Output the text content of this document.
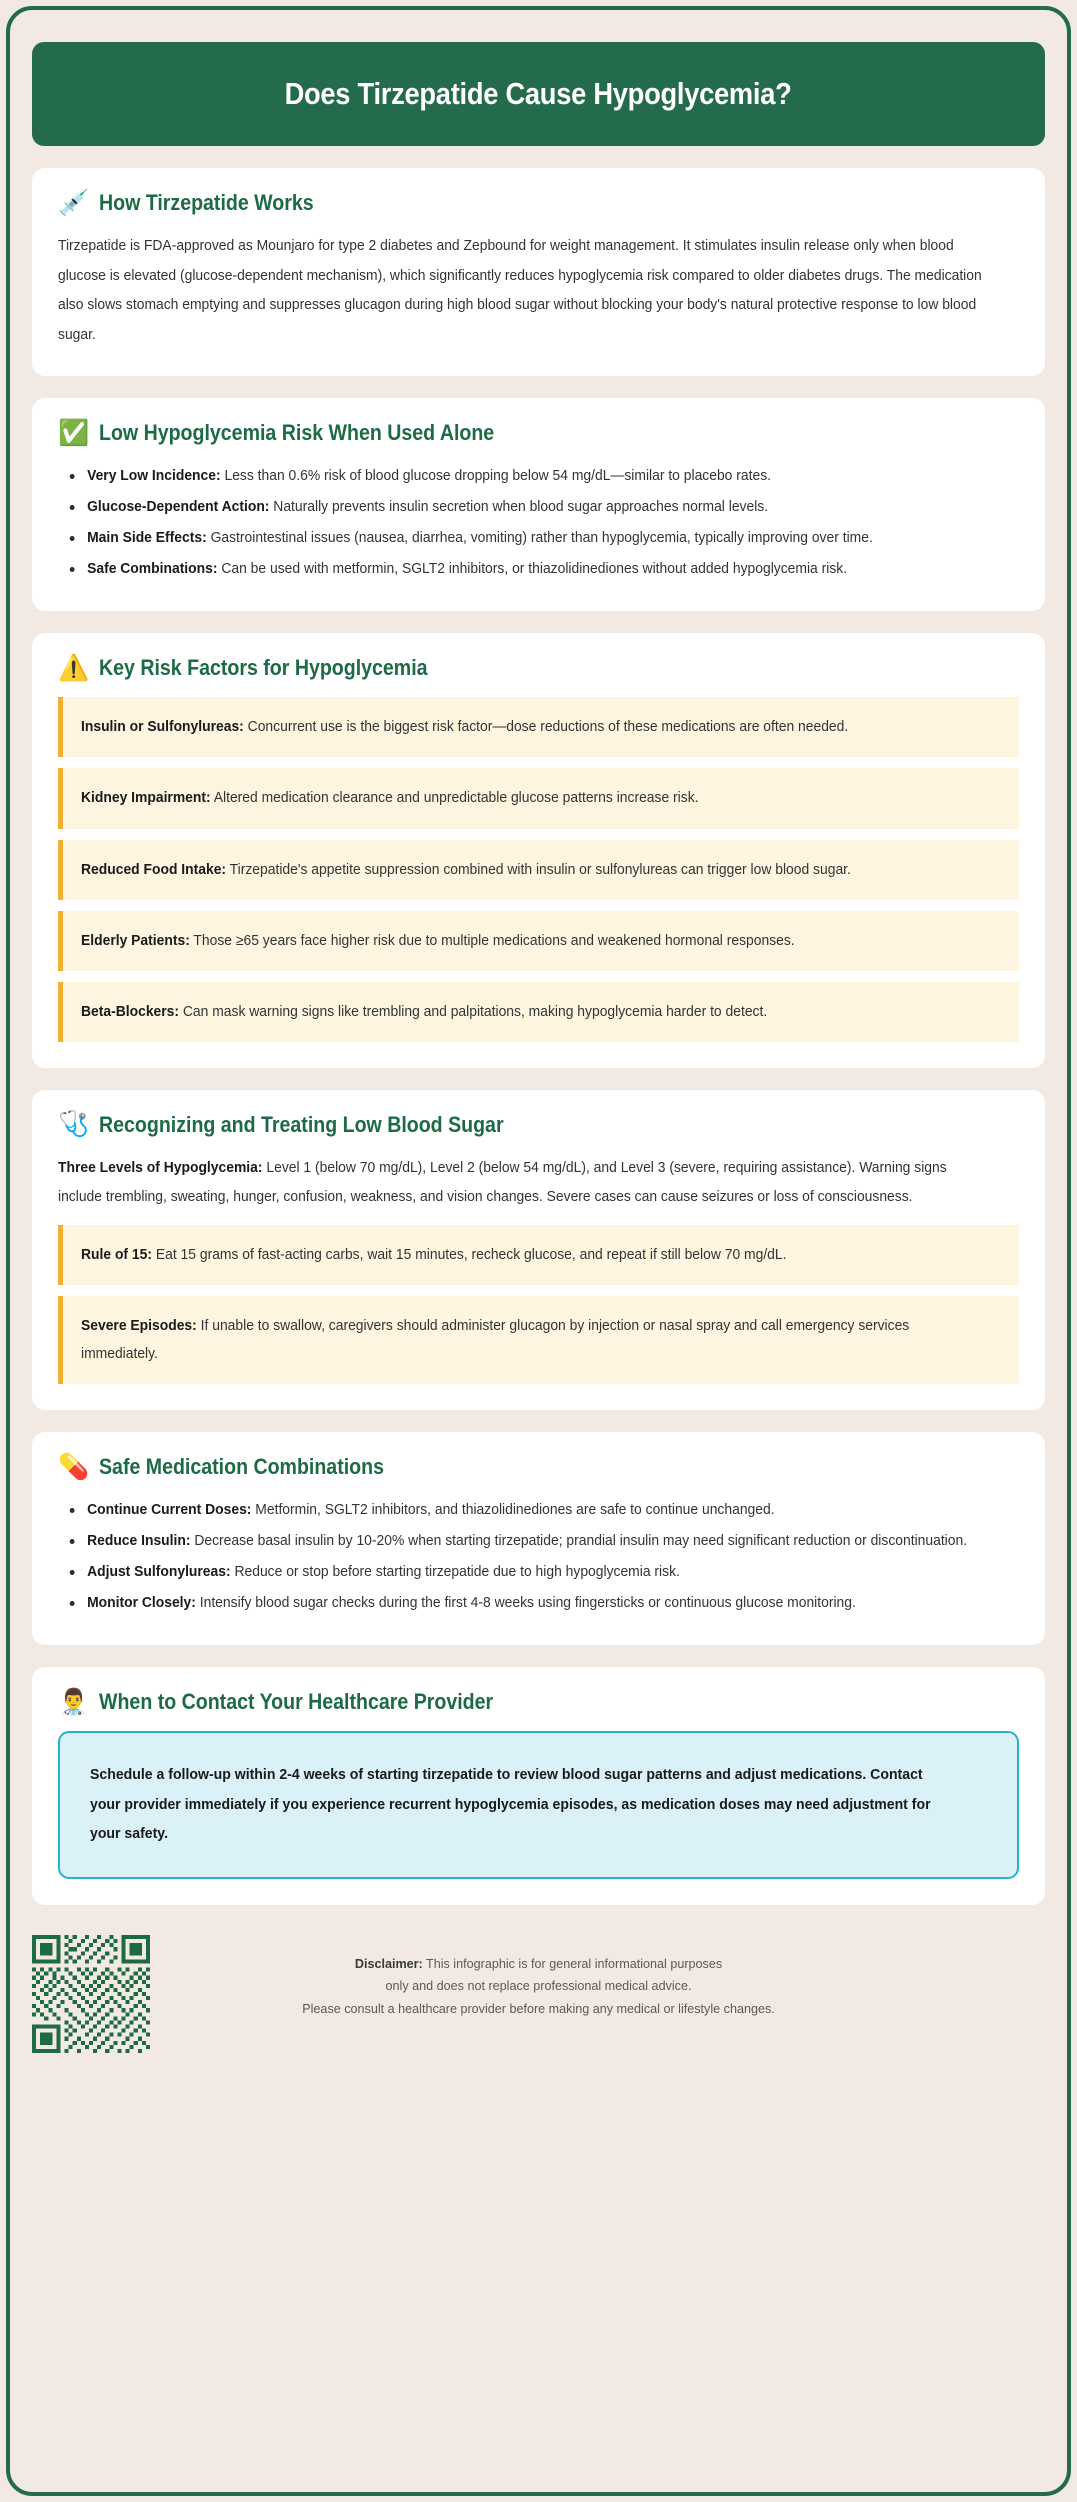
Does Tirzepatide Cause Hypoglycemia?
💉 How Tirzepatide Works
Tirzepatide is FDA-approved as Mounjaro for type 2 diabetes and Zepbound for weight management. It stimulates insulin release only when blood glucose is elevated (glucose-dependent mechanism), which significantly reduces hypoglycemia risk compared to older diabetes drugs. The medication also slows stomach emptying and suppresses glucagon during high blood sugar without blocking your body's natural protective response to low blood sugar.
✅ Low Hypoglycemia Risk When Used Alone
Very Low Incidence: Less than 0.6% risk of blood glucose dropping below 54 mg/dL—similar to placebo rates.
Glucose-Dependent Action: Naturally prevents insulin secretion when blood sugar approaches normal levels.
Main Side Effects: Gastrointestinal issues (nausea, diarrhea, vomiting) rather than hypoglycemia, typically improving over time.
Safe Combinations: Can be used with metformin, SGLT2 inhibitors, or thiazolidinediones without added hypoglycemia risk.
⚠️ Key Risk Factors for Hypoglycemia
Insulin or Sulfonylureas: Concurrent use is the biggest risk factor—dose reductions of these medications are often needed.
Kidney Impairment: Altered medication clearance and unpredictable glucose patterns increase risk.
Reduced Food Intake: Tirzepatide's appetite suppression combined with insulin or sulfonylureas can trigger low blood sugar.
Elderly Patients: Those ≥65 years face higher risk due to multiple medications and weakened hormonal responses.
Beta-Blockers: Can mask warning signs like trembling and palpitations, making hypoglycemia harder to detect.
🩺 Recognizing and Treating Low Blood Sugar
Three Levels of Hypoglycemia: Level 1 (below 70 mg/dL), Level 2 (below 54 mg/dL), and Level 3 (severe, requiring assistance). Warning signs include trembling, sweating, hunger, confusion, weakness, and vision changes. Severe cases can cause seizures or loss of consciousness.
Rule of 15: Eat 15 grams of fast-acting carbs, wait 15 minutes, recheck glucose, and repeat if still below 70 mg/dL.
Severe Episodes: If unable to swallow, caregivers should administer glucagon by injection or nasal spray and call emergency services immediately.
💊 Safe Medication Combinations
Continue Current Doses: Metformin, SGLT2 inhibitors, and thiazolidinediones are safe to continue unchanged.
Reduce Insulin: Decrease basal insulin by 10-20% when starting tirzepatide; prandial insulin may need significant reduction or discontinuation.
Adjust Sulfonylureas: Reduce or stop before starting tirzepatide due to high hypoglycemia risk.
Monitor Closely: Intensify blood sugar checks during the first 4-8 weeks using fingersticks or continuous glucose monitoring.
👨‍⚕️ When to Contact Your Healthcare Provider
Schedule a follow-up within 2-4 weeks of starting tirzepatide to review blood sugar patterns and adjust medications. Contact your provider immediately if you experience recurrent hypoglycemia episodes, as medication doses may need adjustment for your safety.
Disclaimer: This infographic is for general informational purposes
only and does not replace professional medical advice.
Please consult a healthcare provider before making any medical or lifestyle changes.
